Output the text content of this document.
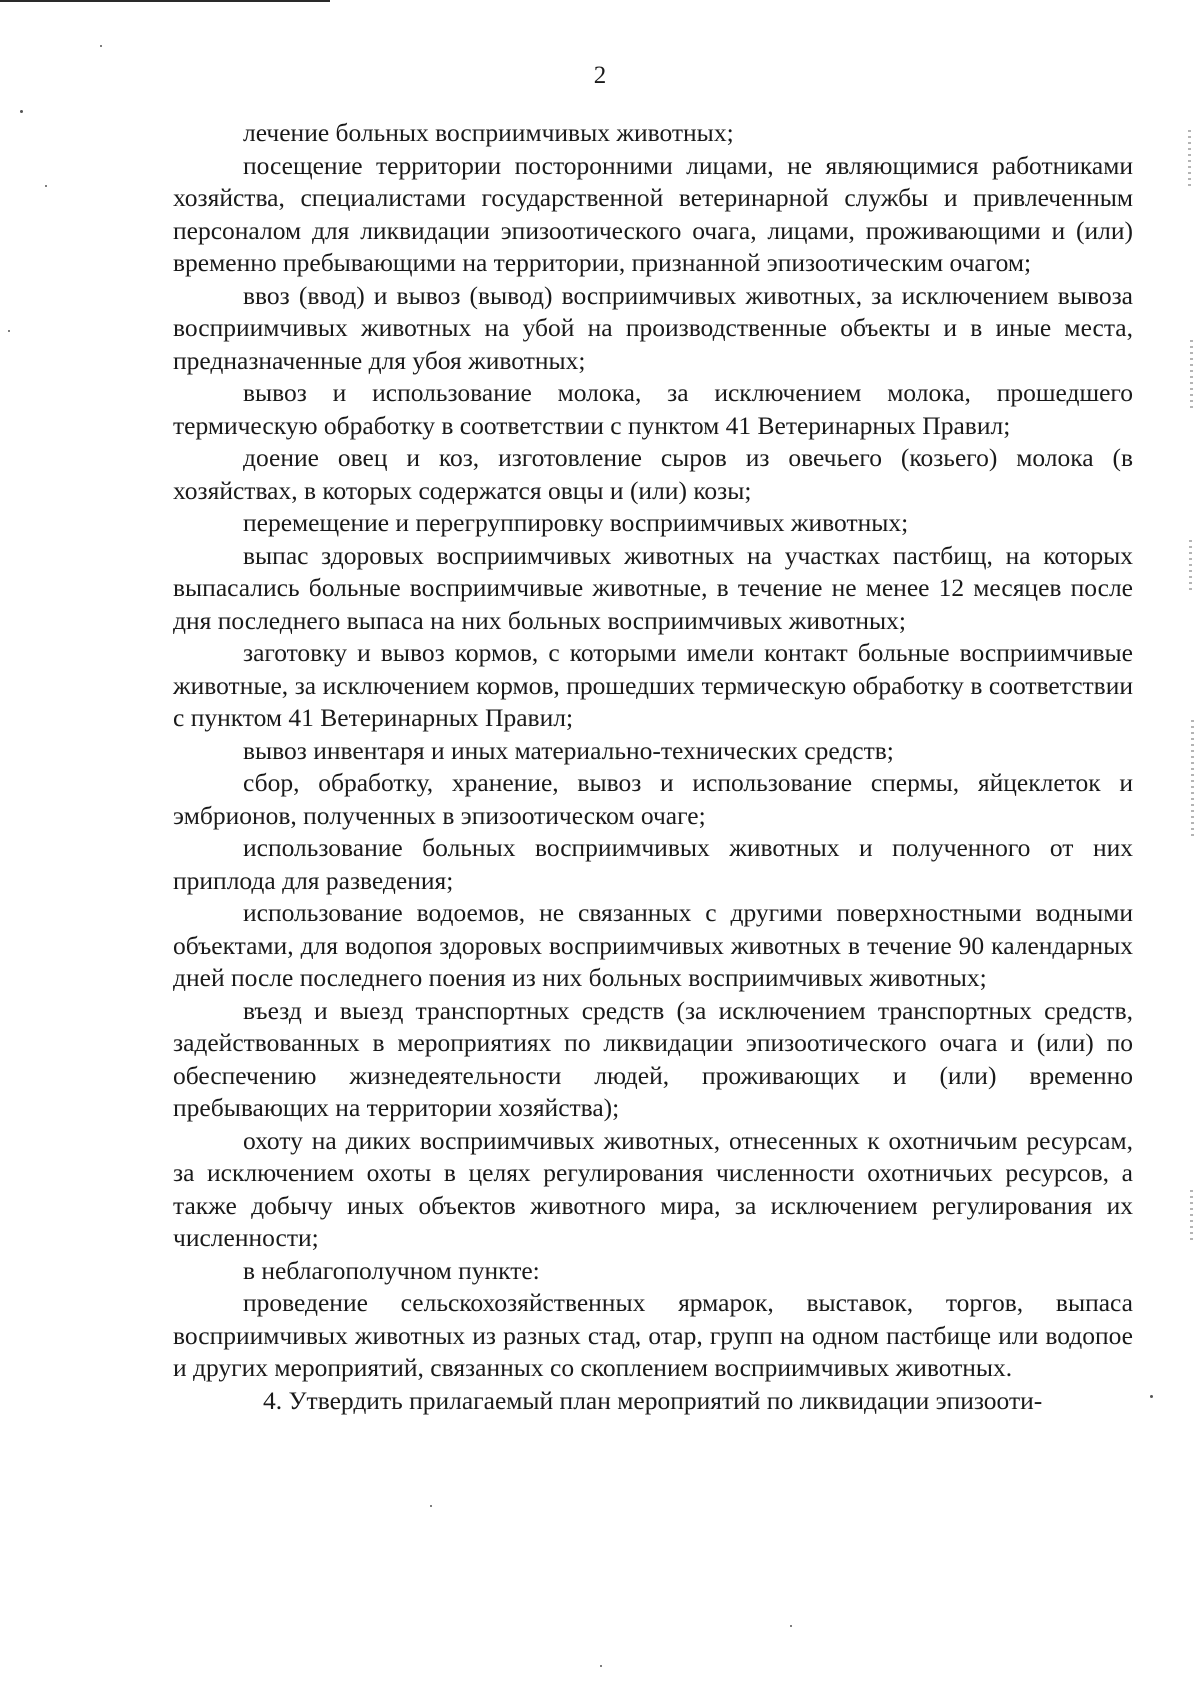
2

лечение больных восприимчивых животных;

посещение территории посторонними лицами, не являющимися работниками хозяйства, специалистами государственной ветеринарной службы и привлеченным персоналом для ликвидации эпизоотического очага, лицами, проживающими и (или) временно пребывающими на территории, признанной эпизоотическим очагом;

ввоз (ввод) и вывоз (вывод) восприимчивых животных, за исключением вывоза восприимчивых животных на убой на производственные объекты и в иные места, предназначенные для убоя животных;

вывоз и использование молока, за исключением молока, прошедшего термическую обработку в соответствии с пунктом 41 Ветеринарных Правил;

доение овец и коз, изготовление сыров из овечьего (козьего) молока (в хозяйствах, в которых содержатся овцы и (или) козы;

перемещение и перегруппировку восприимчивых животных;

выпас здоровых восприимчивых животных на участках пастбищ, на которых выпасались больные восприимчивые животные, в течение не менее 12 месяцев после дня последнего выпаса на них больных восприимчивых животных;

заготовку и вывоз кормов, с которыми имели контакт больные восприимчивые животные, за исключением кормов, прошедших термическую обработку в соответствии с пунктом 41 Ветеринарных Правил;

вывоз инвентаря и иных материально-технических средств;

сбор, обработку, хранение, вывоз и использование спермы, яйцеклеток и эмбрионов, полученных в эпизоотическом очаге;

использование больных восприимчивых животных и полученного от них приплода для разведения;

использование водоемов, не связанных с другими поверхностными водными объектами, для водопоя здоровых восприимчивых животных в течение 90 календарных дней после последнего поения из них больных восприимчивых животных;

въезд и выезд транспортных средств (за исключением транспортных средств, задействованных в мероприятиях по ликвидации эпизоотического очага и (или) по обеспечению жизнедеятельности людей, проживающих и (или) временно пребывающих на территории хозяйства);

охоту на диких восприимчивых животных, отнесенных к охотничьим ресурсам, за исключением охоты в целях регулирования численности охотничьих ресурсов, а также добычу иных объектов животного мира, за исключением регулирования их численности;

в неблагополучном пункте:

проведение сельскохозяйственных ярмарок, выставок, торгов, выпаса восприимчивых животных из разных стад, отар, групп на одном пастбище или водопое и других мероприятий, связанных со скоплением восприимчивых животных.

4. Утвердить прилагаемый план мероприятий по ликвидации эпизооти-
